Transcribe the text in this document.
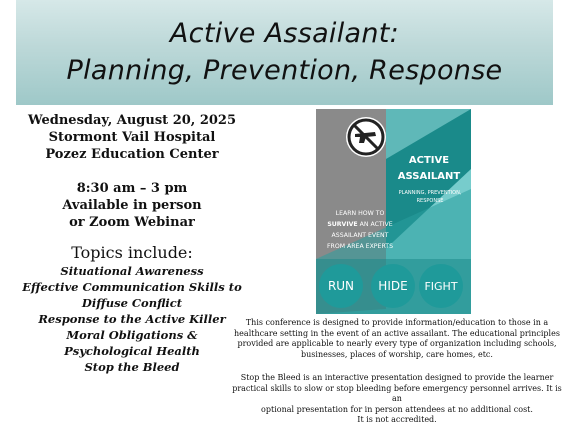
Active Assailant:
Planning, Prevention, Response
Wednesday, August 20, 2025
Stormont Vail Hospital
Pozez Education Center
8:30 am – 3 pm
Available in person
or Zoom Webinar
Topics include:
Situational Awareness
Effective Communication Skills to
Diffuse Conflict
Response to the Active Killer
Moral Obligations &
Psychological Health
Stop the Bleed
ACTIVE
ASSAILANT
PLANNING, PREVENTION,
RESPONSE
LEARN HOW TO
SURVIVE AN ACTIVE
ASSAILANT EVENT
FROM AREA EXPERTS
RUN	HIDE	FIGHT
This conference is designed to provide information/education to those in a
healthcare setting in the event of an active assailant. The educational principles
provided are applicable to nearly every type of organization including schools,
businesses, places of worship, care homes, etc.
Stop the Bleed is an interactive presentation designed to provide the learner
practical skills to slow or stop bleeding before emergency personnel arrives. It is an
optional presentation for in person attendees at no additional cost.
It is not accredited.
